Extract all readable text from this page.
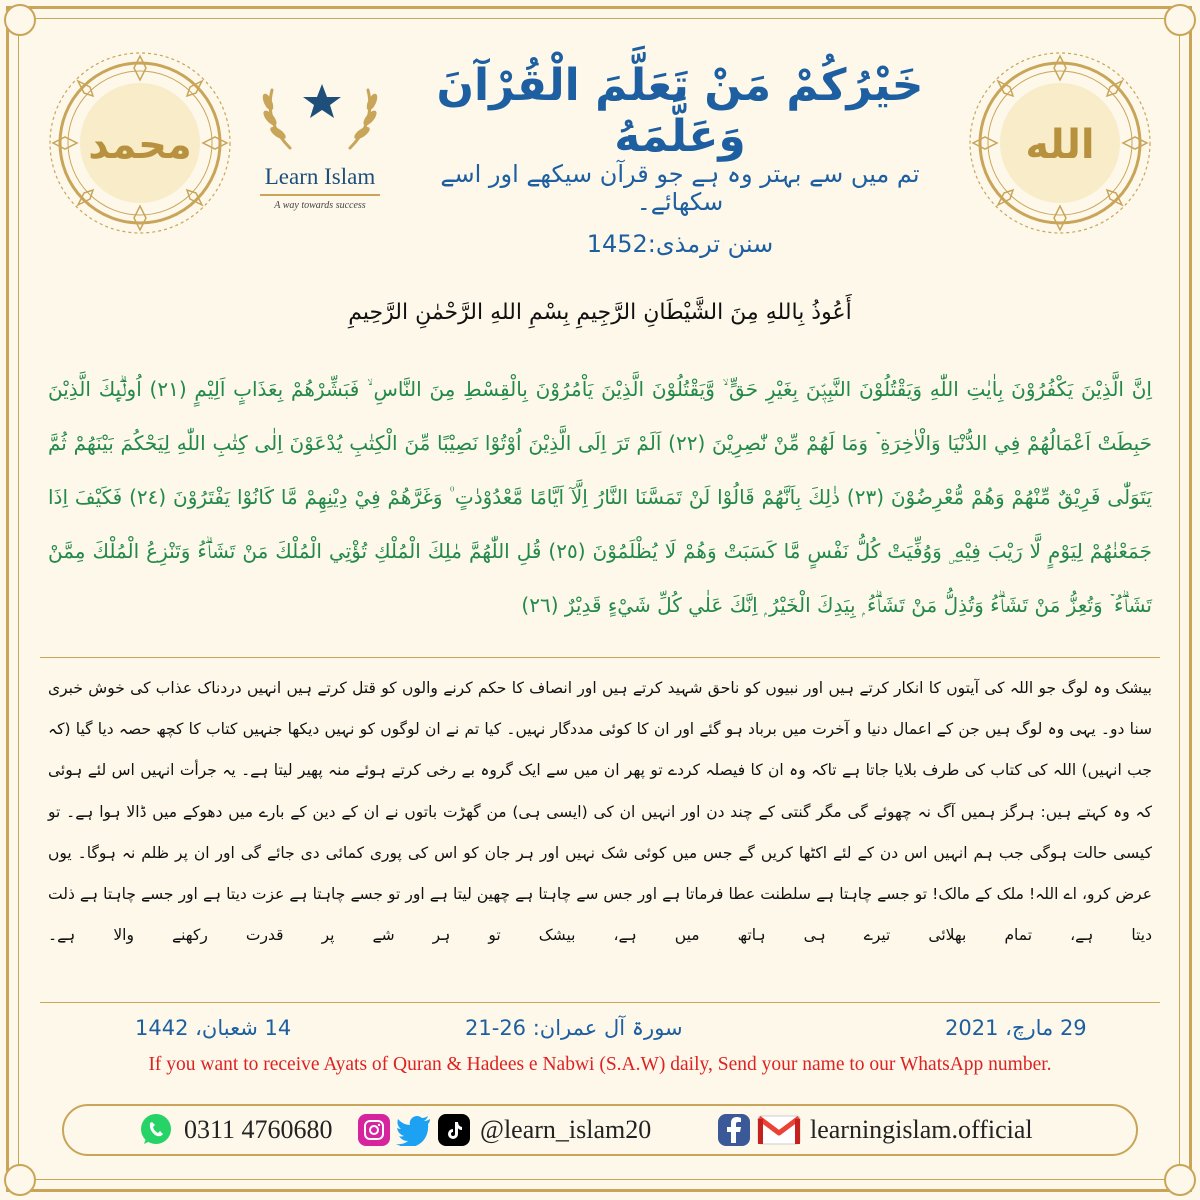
محمد	الله
Learn Islam
A way towards success
خَيْرُكُمْ مَنْ تَعَلَّمَ الْقُرْآنَ وَعَلَّمَهُ
تم میں سے بہتر وہ ہے جو قرآن سیکھے اور اسے سکھائے۔
سنن ترمذی:1452
أَعُوذُ بِاللهِ مِنَ الشَّيْطَانِ الرَّجِيمِ بِسْمِ اللهِ الرَّحْمٰنِ الرَّحِيمِ
اِنَّ الَّذِيْنَ يَكْفُرُوْنَ بِاٰيٰتِ اللّٰهِ وَيَقْتُلُوْنَ النَّبِيّٖنَ بِغَيْرِ حَقٍّ ۙ وَّيَقْتُلُوْنَ الَّذِيْنَ يَاْمُرُوْنَ بِالْقِسْطِ مِنَ النَّاسِ ۙ فَبَشِّرْھُمْ بِعَذَابٍ اَلِيْمٍ (٢١) اُولٰۗىِٕكَ الَّذِيْنَ حَبِطَتْ اَعْمَالُھُمْ فِي الدُّنْيَا وَالْاٰخِرَةِ ۡ وَمَا لَھُمْ مِّنْ نّٰصِرِيْنَ (٢٢) اَلَمْ تَرَ اِلَى الَّذِيْنَ اُوْتُوْا نَصِيْبًا مِّنَ الْكِتٰبِ يُدْعَوْنَ اِلٰى كِتٰبِ اللّٰهِ لِيَحْكُمَ بَيْنَھُمْ ثُمَّ يَتَوَلّٰى فَرِيْقٌ مِّنْھُمْ وَھُمْ مُّعْرِضُوْنَ (٢٣) ذٰلِكَ بِاَنَّھُمْ قَالُوْا لَنْ تَمَسَّنَا النَّارُ اِلَّآ اَيَّامًا مَّعْدُوْدٰتٍ ۠ وَغَرَّھُمْ فِيْ دِيْنِهِمْ مَّا كَانُوْا يَفْتَرُوْنَ (٢٤) فَكَيْفَ اِذَا جَمَعْنٰھُمْ لِيَوْمٍ لَّا رَيْبَ فِيْهِ ۣ وَوُفِّيَتْ كُلُّ نَفْسٍ مَّا كَسَبَتْ وَھُمْ لَا يُظْلَمُوْنَ (٢٥) قُلِ اللّٰهُمَّ مٰلِكَ الْمُلْكِ تُؤْتِي الْمُلْكَ مَنْ تَشَاۗءُ وَتَنْزِعُ الْمُلْكَ مِمَّنْ تَشَاۗءُ ۡ وَتُعِزُّ مَنْ تَشَاۗءُ وَتُذِلُّ مَنْ تَشَاۗءُ ۭ بِيَدِكَ الْخَيْرُ ۭ اِنَّكَ عَلٰي كُلِّ شَيْءٍ قَدِيْرٌ (٢٦)
بیشک وہ لوگ جو اللہ کی آیتوں کا انکار کرتے ہیں اور نبیوں کو ناحق شہید کرتے ہیں اور انصاف کا حکم کرنے والوں کو قتل کرتے ہیں انہیں دردناک عذاب کی خوش خبری سنا دو۔ یہی وہ لوگ ہیں جن کے اعمال دنیا و آخرت میں برباد ہو گئے اور ان کا کوئی مددگار نہیں۔ کیا تم نے ان لوگوں کو نہیں دیکھا جنہیں کتاب کا کچھ حصہ دیا گیا (کہ جب انہیں) اللہ کی کتاب کی طرف بلایا جاتا ہے تاکہ وہ ان کا فیصلہ کردے تو پھر ان میں سے ایک گروہ بے رخی کرتے ہوئے منہ پھیر لیتا ہے۔ یہ جرأت انہیں اس لئے ہوئی کہ وہ کہتے ہیں: ہرگز ہمیں آگ نہ چھوئے گی مگر گنتی کے چند دن اور انہیں ان کی (ایسی ہی) من گھڑت باتوں نے ان کے دین کے بارے میں دھوکے میں ڈالا ہوا ہے۔ تو کیسی حالت ہوگی جب ہم انہیں اس دن کے لئے اکٹھا کریں گے جس میں کوئی شک نہیں اور ہر جان کو اس کی پوری کمائی دی جائے گی اور ان پر ظلم نہ ہوگا۔ یوں عرض کرو، اے اللہ! ملک کے مالک! تو جسے چاہتا ہے سلطنت عطا فرماتا ہے اور جس سے چاہتا ہے چھین لیتا ہے اور تو جسے چاہتا ہے عزت دیتا ہے اور جسے چاہتا ہے ذلت دیتا ہے، تمام بھلائی تیرے ہی ہاتھ میں ہے، بیشک تو ہر شے پر قدرت رکھنے والا ہے۔
14 شعبان، 1442	سورۃ آل عمران: 26-21	29 مارچ، 2021
If you want to receive Ayats of Quran & Hadees e Nabwi (S.A.W) daily, Send your name to our WhatsApp number.
0311 4760680	@learn_islam20	learningislam.official
